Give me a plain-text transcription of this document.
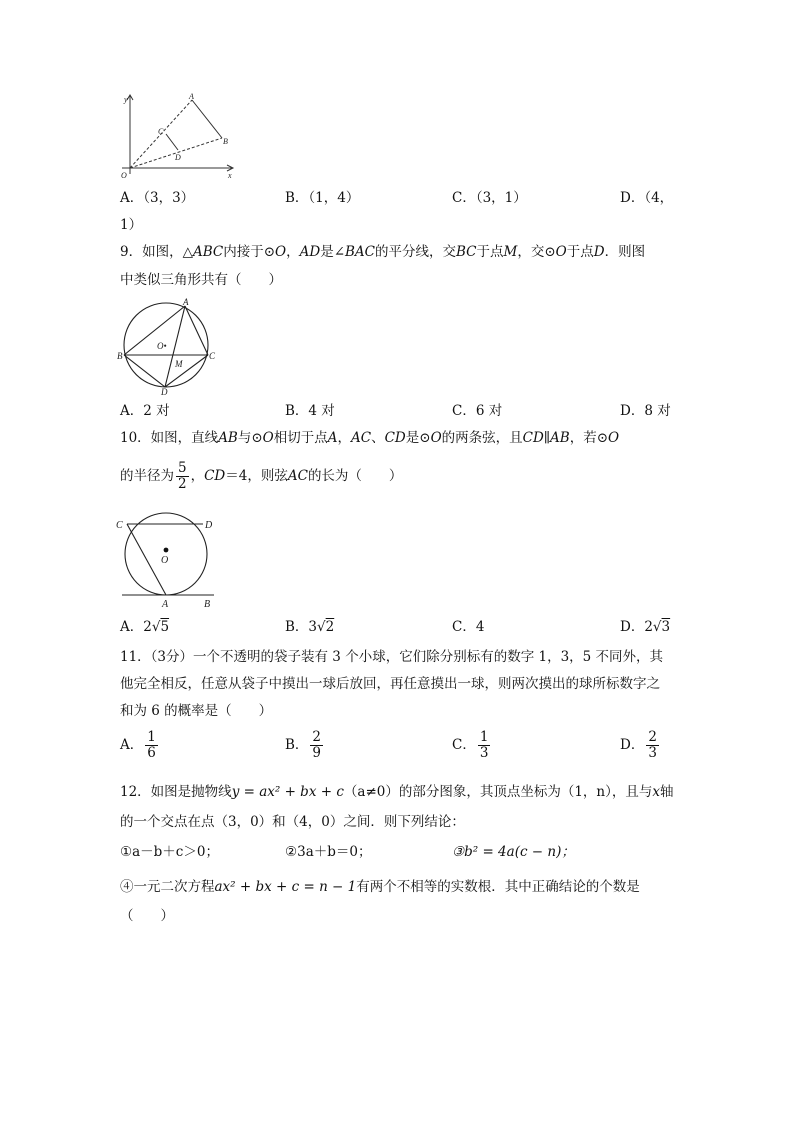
y
x
O
A
B
C
D
A．（3，3）	B．（1，4）	C．（3，1）	D．（4，
1）
9．如图，△ABC内接于⊙O，AD是∠BAC的平分线，交BC于点M，交⊙O于点D．则图
中类似三角形共有（　　）
A
B	C
D
O•
M
A．2 对	B．4 对	C．6 对	D．8 对
10．如图，直线AB与⊙O相切于点A，AC、CD是⊙O的两条弦，且CD∥AB，若⊙O
的半径为 $\frac{5}{2}$ ，CD＝4，则弦AC的长为（　　）
C	D
O
A	B
A．2√5	B．3√2	C．4	D．2√3
11．（3分）一个不透明的袋子装有 3 个小球，它们除分别标有的数字 1，3，5 不同外，其
他完全相反，任意从袋子中摸出一球后放回，再任意摸出一球，则两次摸出的球所标数字之
和为 6 的概率是（　　）
A． $\frac{1}{6}$	B． $\frac{2}{9}$	C． $\frac{1}{3}$	D． $\frac{2}{3}$
12．如图是抛物线y = ax² + bx + c（a≠0）的部分图象，其顶点坐标为（1，n），且与x轴
的一个交点在点（3，0）和（4，0）之间．则下列结论：
①a－b＋c＞0；	②3a＋b＝0；	③b² = 4a(c − n)；
④一元二次方程ax² + bx + c = n − 1有两个不相等的实数根．其中正确结论的个数是
（　　）
